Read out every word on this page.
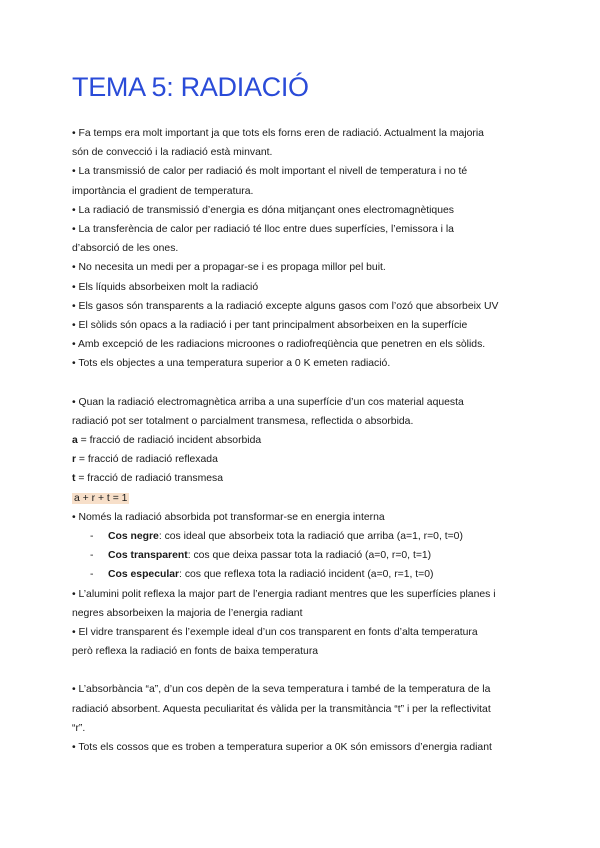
TEMA 5: RADIACIÓ

• Fa temps era molt important ja que tots els forns eren de radiació. Actualment la majoria

són de convecció i la radiació està minvant.

• La transmissió de calor per radiació és molt important el nivell de temperatura i no té

importància el gradient de temperatura.

• La radiació de transmissió d’energia es dóna mitjançant ones electromagnètiques

• La transferència de calor per radiació té lloc entre dues superfícies, l’emissora i la

d’absorció de les ones.

• No necesita un medi per a propagar-se i es propaga millor pel buit.

• Els líquids absorbeixen molt la radiació

• Els gasos són transparents a la radiació excepte alguns gasos com l’ozó que absorbeix UV

• El sòlids són opacs a la radiació i per tant principalment absorbeixen en la superfície

• Amb excepció de les radiacions microones o radiofreqüència que penetren en els sòlids.

• Tots els objectes a una temperatura superior a 0 K emeten radiació.

• Quan la radiació electromagnètica arriba a una superfície d’un cos material aquesta

radiació pot ser totalment o parcialment transmesa, reflectida o absorbida.

a = fracció de radiació incident absorbida

r = fracció de radiació reflexada

t = fracció de radiació transmesa

a + r + t = 1

• Només la radiació absorbida pot transformar-se en energia interna

- Cos negre: cos ideal que absorbeix tota la radiació que arriba (a=1, r=0, t=0)

- Cos transparent: cos que deixa passar tota la radiació (a=0, r=0, t=1)

- Cos especular: cos que reflexa tota la radiació incident (a=0, r=1, t=0)

• L’alumini polit reflexa la major part de l’energia radiant mentres que les superfícies planes i

negres absorbeixen la majoria de l’energia radiant

• El vidre transparent és l’exemple ideal d’un cos transparent en fonts d’alta temperatura

però reflexa la radiació en fonts de baixa temperatura

• L’absorbància “a”, d’un cos depèn de la seva temperatura i també de la temperatura de la

radiació absorbent. Aquesta peculiaritat és vàlida per la transmitància “t” i per la reflectivitat

“r”.

• Tots els cossos que es troben a temperatura superior a 0K són emissors d’energia radiant
